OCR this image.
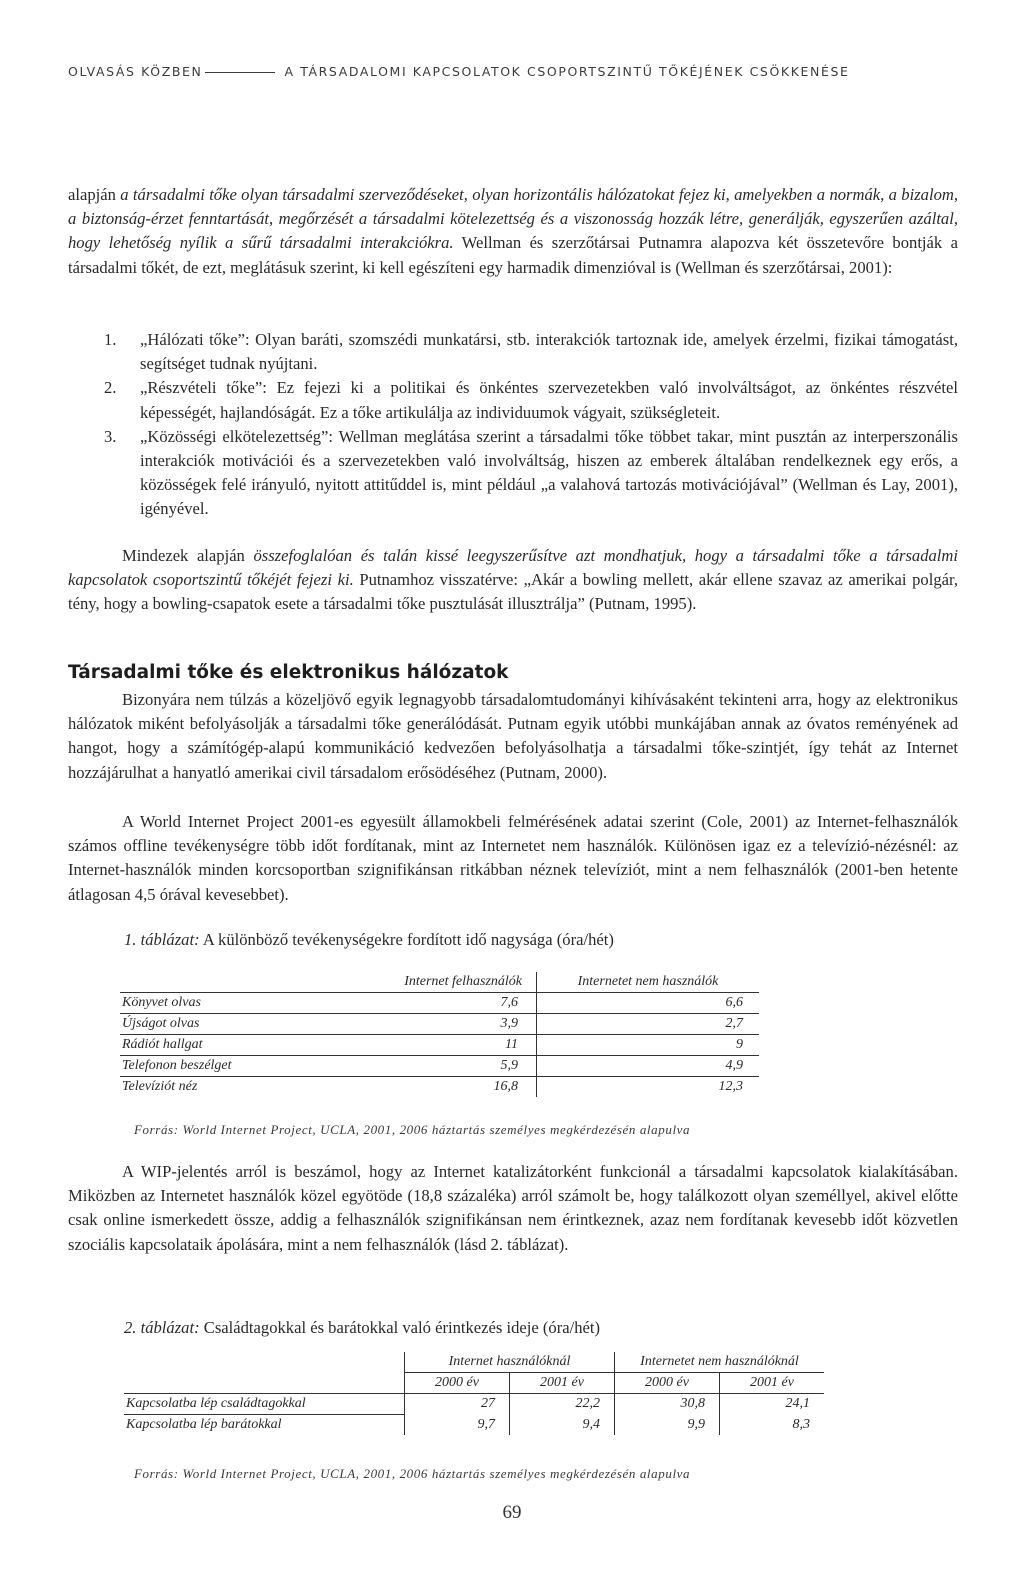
OLVASÁS KÖZBEN	A TÁRSADALOMI KAPCSOLATOK CSOPORTSZINTŰ TŐKÉJÉNEK CSÖKKENÉSE
alapján a társadalmi tőke olyan társadalmi szerveződéseket, olyan horizontális hálózatokat fejez ki, amelyekben a normák, a bizalom, a biztonság-érzet fenntartását, megőrzését a társadalmi kötelezettség és a viszonosság hozzák létre, generálják, egyszerűen azáltal, hogy lehetőség nyílik a sűrű társadalmi interakciókra. Wellman és szerzőtársai Putnamra alapozva két összetevőre bontják a társadalmi tőkét, de ezt, meglátásuk szerint, ki kell egészíteni egy harmadik dimenzióval is (Wellman és szerzőtársai, 2001):
1. „Hálózati tőke”: Olyan baráti, szomszédi munkatársi, stb. interakciók tartoznak ide, amelyek érzelmi, fizikai támogatást, segítséget tudnak nyújtani.
2. „Részvételi tőke”: Ez fejezi ki a politikai és önkéntes szervezetekben való involváltságot, az önkéntes részvétel képességét, hajlandóságát. Ez a tőke artikulálja az individuumok vágyait, szükségleteit.
3. „Közösségi elkötelezettség”: Wellman meglátása szerint a társadalmi tőke többet takar, mint pusztán az interperszonális interakciók motivációi és a szervezetekben való involváltság, hiszen az emberek általában rendelkeznek egy erős, a közösségek felé irányuló, nyitott attitűddel is, mint például „a valahová tartozás motivációjával” (Wellman és Lay, 2001), igényével.
Mindezek alapján összefoglalóan és talán kissé leegyszerűsítve azt mondhatjuk, hogy a társadalmi tőke a társadalmi kapcsolatok csoportszintű tőkéjét fejezi ki. Putnamhoz visszatérve: „Akár a bowling mellett, akár ellene szavaz az amerikai polgár, tény, hogy a bowling-csapatok esete a társadalmi tőke pusztulását illusztrálja” (Putnam, 1995).
Társadalmi tőke és elektronikus hálózatok
Bizonyára nem túlzás a közeljövő egyik legnagyobb társadalomtudományi kihívásaként tekinteni arra, hogy az elektronikus hálózatok miként befolyásolják a társadalmi tőke generálódását. Putnam egyik utóbbi munkájában annak az óvatos reményének ad hangot, hogy a számítógép-alapú kommunikáció kedvezően befolyásolhatja a társadalmi tőke-szintjét, így tehát az Internet hozzájárulhat a hanyatló amerikai civil társadalom erősödéséhez (Putnam, 2000).
A World Internet Project 2001-es egyesült államokbeli felmérésének adatai szerint (Cole, 2001) az Internet-felhasználók számos offline tevékenységre több időt fordítanak, mint az Internetet nem használók. Különösen igaz ez a televízió-nézésnél: az Internet-használók minden korcsoportban szignifikánsan ritkábban néznek televíziót, mint a nem felhasználók (2001-ben hetente átlagosan 4,5 órával kevesebbet).
1. táblázat: A különböző tevékenységekre fordított idő nagysága (óra/hét)
	Internet felhasználók	Internetet nem használók
Könyvet olvas	7,6	6,6
Újságot olvas	3,9	2,7
Rádiót hallgat	11	9
Telefonon beszélget	5,9	4,9
Televíziót néz	16,8	12,3
Forrás: World Internet Project, UCLA, 2001, 2006 háztartás személyes megkérdezésén alapulva
A WIP-jelentés arról is beszámol, hogy az Internet katalizátorként funkcionál a társadalmi kapcsolatok kialakításában. Miközben az Internetet használók közel egyötöde (18,8 százaléka) arról számolt be, hogy találkozott olyan személlyel, akivel előtte csak online ismerkedett össze, addig a felhasználók szignifikánsan nem érintkeznek, azaz nem fordítanak kevesebb időt közvetlen szociális kapcsolataik ápolására, mint a nem felhasználók (lásd 2. táblázat).
2. táblázat: Családtagokkal és barátokkal való érintkezés ideje (óra/hét)
	Internet használóknál		Internetet nem használóknál	
	2000 év	2001 év	2000 év	2001 év
Kapcsolatba lép családtagokkal	27	22,2	30,8	24,1
Kapcsolatba lép barátokkal	9,7	9,4	9,9	8,3
Forrás: World Internet Project, UCLA, 2001, 2006 háztartás személyes megkérdezésén alapulva
69
